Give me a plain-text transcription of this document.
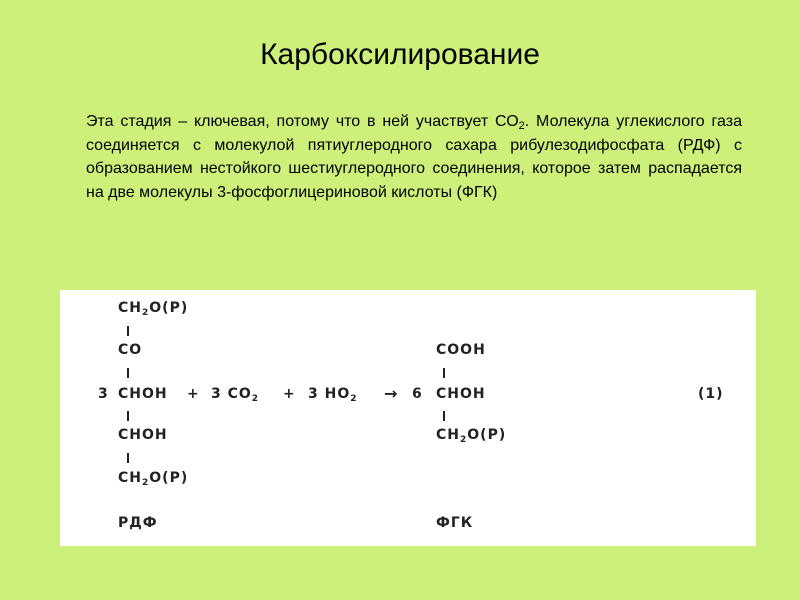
Карбоксилирование
Эта стадия – ключевая, потому что в ней участвует $СО_2$. Молекула углекислого газа соединяется с молекулой пятиуглеродного сахара рибулезодифосфата (РДФ) с образованием нестойкого шестиуглеродного соединения, которое затем распадается на две молекулы 3-фосфоглицериновой кислоты (ФГК)
$CH_2O(P)$
CO
3 CHOH + 3 $CO_2 + 3$ $HO_2 \to 6$
CHOH
$CH_2O(P)$
COOH
CHOH
$CH_2O(P)$
(1)
РДФ	ФГК
